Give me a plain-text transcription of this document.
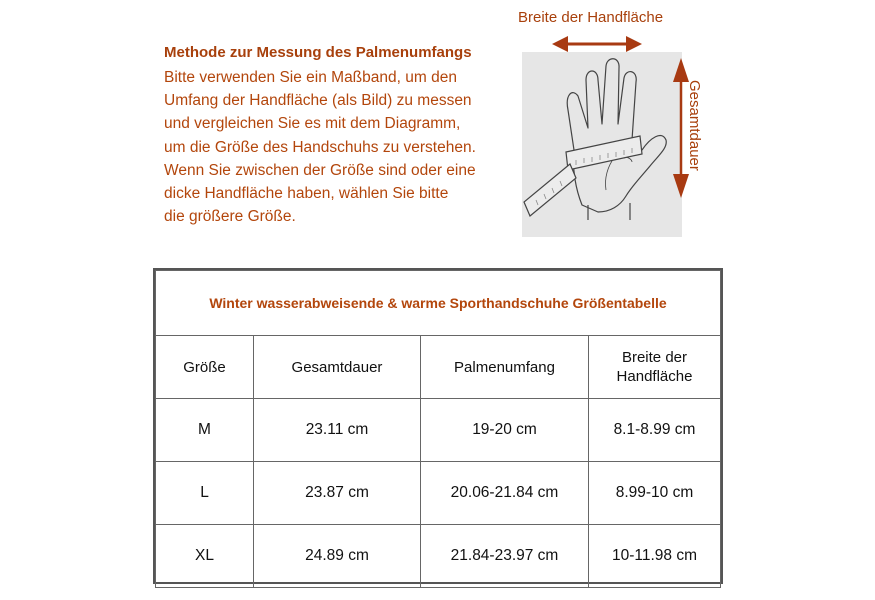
Methode zur Messung des Palmenumfangs
Bitte verwenden Sie ein Maßband, um den
Umfang der Handfläche (als Bild) zu messen
und vergleichen Sie es mit dem Diagramm,
um die Größe des Handschuhs zu verstehen.
Wenn Sie zwischen der Größe sind oder eine
dicke Handfläche haben, wählen Sie bitte
die größere Größe.
Breite der Handfläche
Gesamtdauer
Winter wasserabweisende & warme Sporthandschuhe Größentabelle			
Größe	Gesamtdauer	Palmenumfang	Breite der
Handfläche

M	23.11 cm	19-20 cm	8.1-8.99 cm
L	23.87 cm	20.06-21.84 cm	8.99-10 cm
XL	24.89 cm	21.84-23.97 cm	10-11.98 cm
